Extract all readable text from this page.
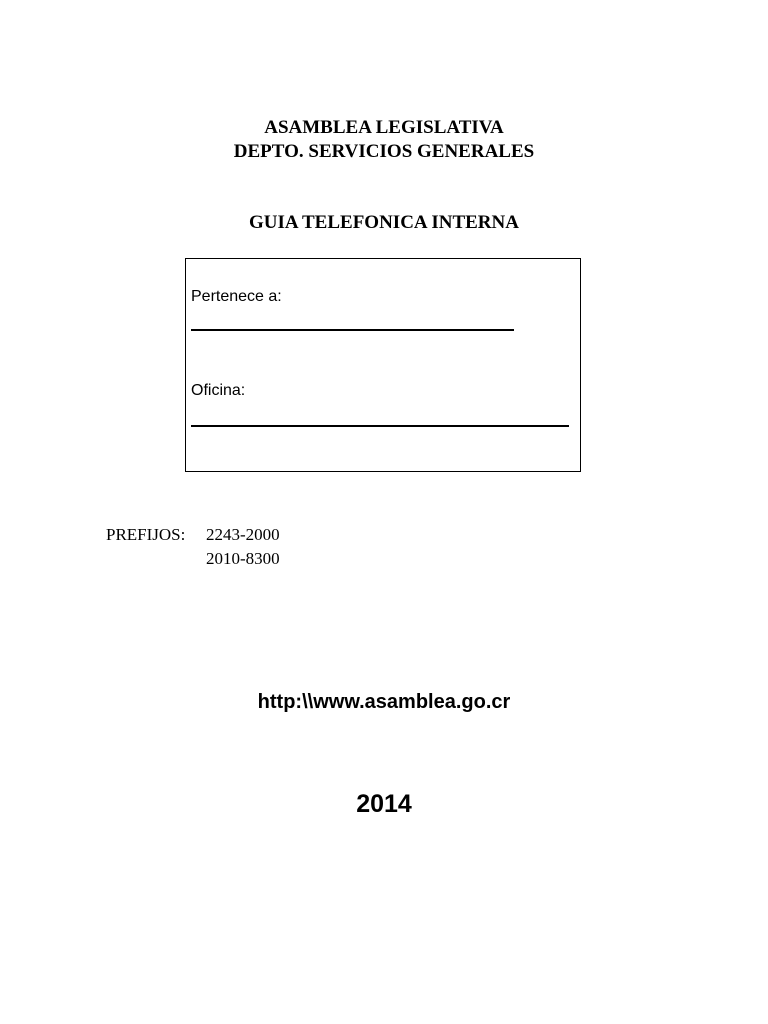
ASAMBLEA LEGISLATIVA
DEPTO. SERVICIOS GENERALES
GUIA TELEFONICA INTERNA
Pertenece a:
Oficina:
PREFIJOS: 2243-2000
2010-8300
http:\\www.asamblea.go.cr
2014
